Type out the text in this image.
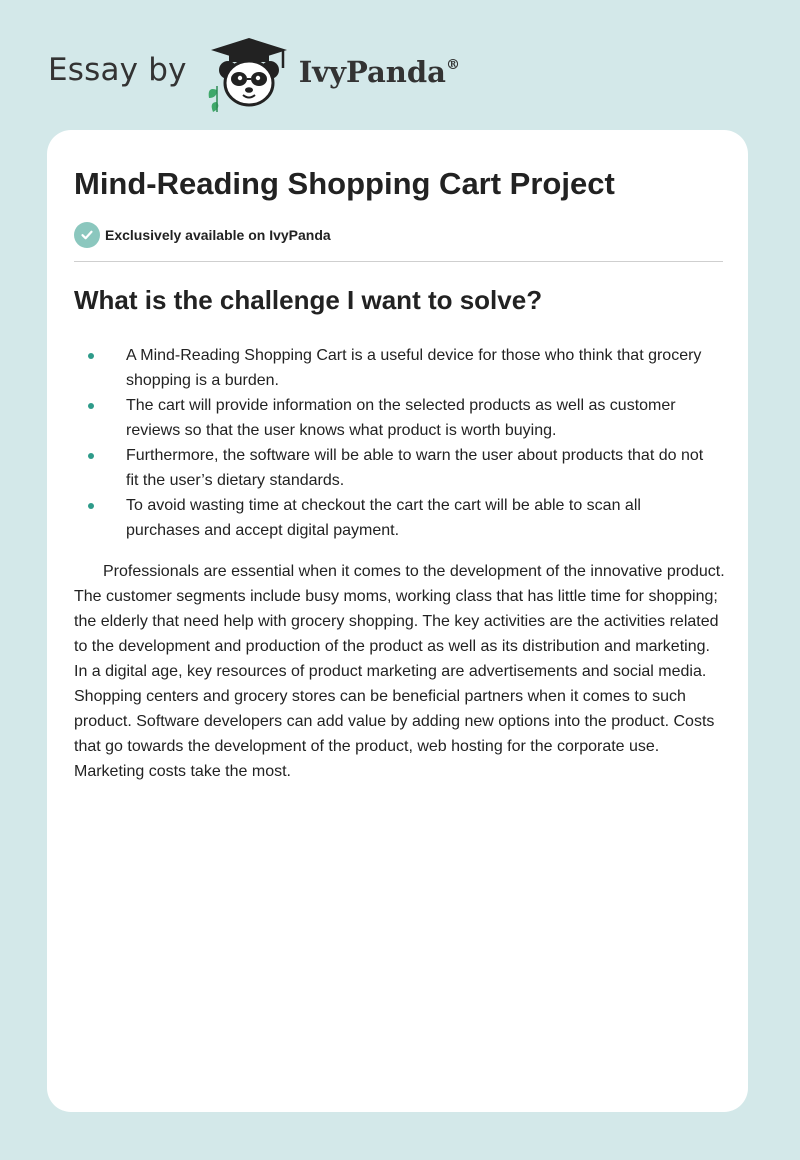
Essay by	IvyPanda®
Mind-Reading Shopping Cart Project
Exclusively available on IvyPanda
What is the challenge I want to solve?
A Mind-Reading Shopping Cart is a useful device for those who think that grocery shopping is a burden.
The cart will provide information on the selected products as well as customer reviews so that the user knows what product is worth buying.
Furthermore, the software will be able to warn the user about products that do not fit the user’s dietary standards.
To avoid wasting time at checkout the cart the cart will be able to scan all purchases and accept digital payment.

Professionals are essential when it comes to the development of the innovative product. The customer segments include busy moms, working class that has little time for shopping; the elderly that need help with grocery shopping. The key activities are the activities related to the development and production of the product as well as its distribution and marketing. In a digital age, key resources of product marketing are advertisements and social media. Shopping centers and grocery stores can be beneficial partners when it comes to such product. Software developers can add value by adding new options into the product. Costs that go towards the development of the product, web hosting for the corporate use. Marketing costs take the most.
